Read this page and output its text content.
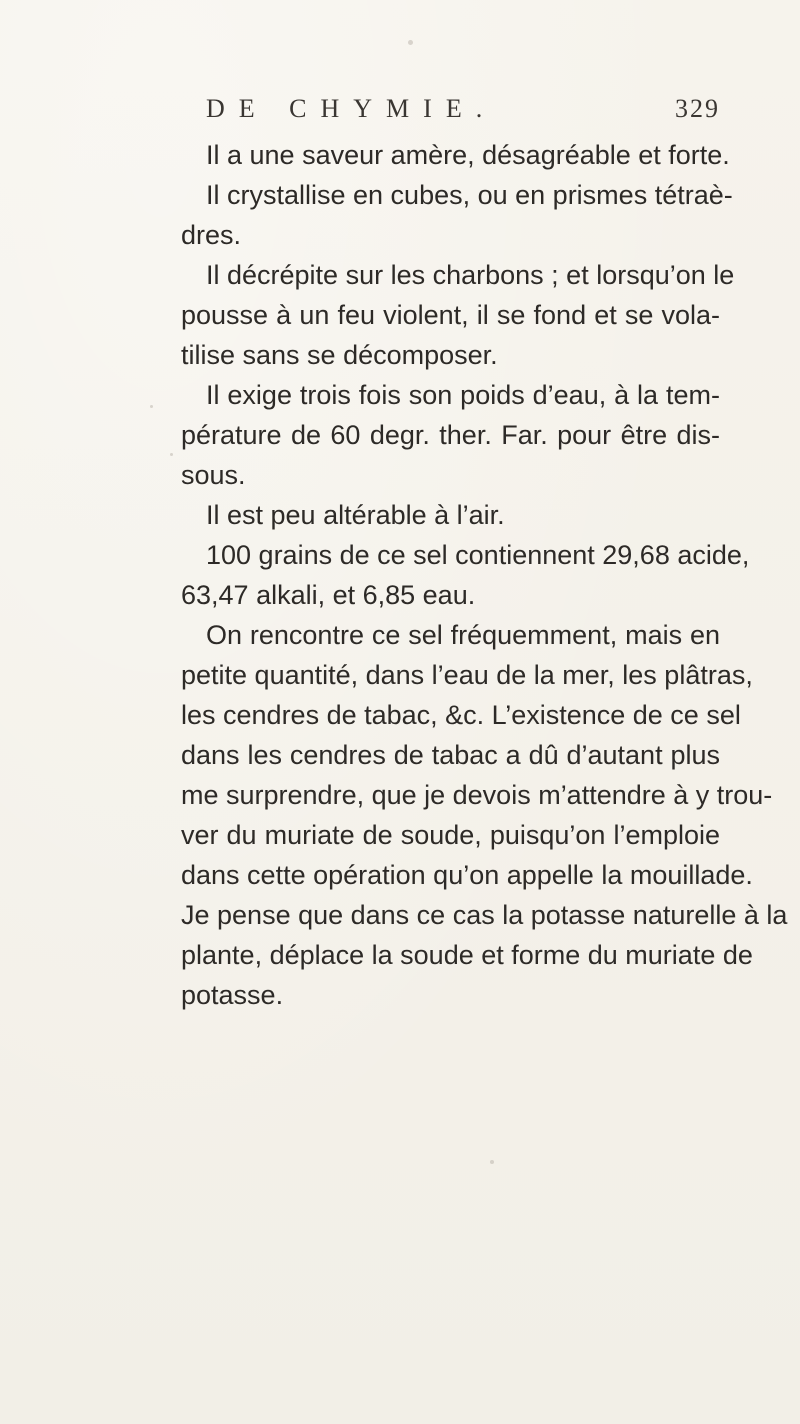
DE CHYMIE.	329
Il a une saveur amère, désagréable et forte.
Il crystallise en cubes, ou en prismes tétraè-
dres.
Il décrépite sur les charbons ; et lorsqu’on le
pousse à un feu violent, il se fond et se vola-
tilise sans se décomposer.
Il exige trois fois son poids d’eau, à la tem-
pérature de 60 degr. ther. Far. pour être dis-
sous.
Il est peu altérable à l’air.
100 grains de ce sel contiennent 29,68 acide,
63,47 alkali, et 6,85 eau.
On rencontre ce sel fréquemment, mais en
petite quantité, dans l’eau de la mer, les plâtras,
les cendres de tabac, &c. L’existence de ce sel
dans les cendres de tabac a dû d’autant plus
me surprendre, que je devois m’attendre à y trou-
ver du muriate de soude, puisqu’on l’emploie
dans cette opération qu’on appelle la mouillade.
Je pense que dans ce cas la potasse naturelle à la
plante, déplace la soude et forme du muriate de
potasse.
